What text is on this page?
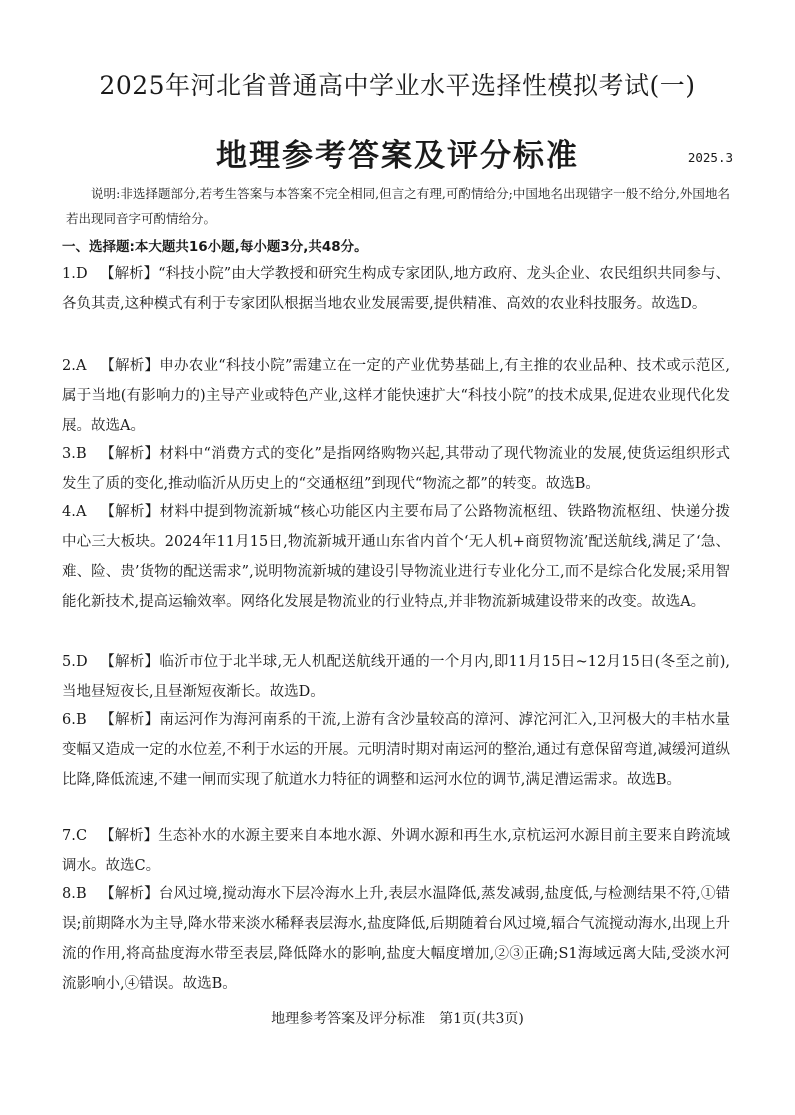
2025年河北省普通高中学业水平选择性模拟考试(一)
地理参考答案及评分标准	2025.3
说明:非选择题部分,若考生答案与本答案不完全相同,但言之有理,可酌情给分;中国地名出现错字一般不给分,外国地名若出现同音字可酌情给分。
一、选择题:本大题共16小题,每小题3分,共48分。
1.D 【解析】“科技小院”由大学教授和研究生构成专家团队,地方政府、龙头企业、农民组织共同参与、各负其责,这种模式有利于专家团队根据当地农业发展需要,提供精准、高效的农业科技服务。故选D。
2.A 【解析】申办农业“科技小院”需建立在一定的产业优势基础上,有主推的农业品种、技术或示范区,属于当地(有影响力的)主导产业或特色产业,这样才能快速扩大“科技小院”的技术成果,促进农业现代化发展。故选A。
3.B 【解析】材料中“消费方式的变化”是指网络购物兴起,其带动了现代物流业的发展,使货运组织形式发生了质的变化,推动临沂从历史上的“交通枢纽”到现代“物流之都”的转变。故选B。
4.A 【解析】材料中提到物流新城“核心功能区内主要布局了公路物流枢纽、铁路物流枢纽、快递分拨中心三大板块。2024年11月15日,物流新城开通山东省内首个‘无人机+商贸物流’配送航线,满足了‘急、难、险、贵’货物的配送需求”,说明物流新城的建设引导物流业进行专业化分工,而不是综合化发展;采用智能化新技术,提高运输效率。网络化发展是物流业的行业特点,并非物流新城建设带来的改变。故选A。
5.D 【解析】临沂市位于北半球,无人机配送航线开通的一个月内,即11月15日~12月15日(冬至之前),当地昼短夜长,且昼渐短夜渐长。故选D。
6.B 【解析】南运河作为海河南系的干流,上游有含沙量较高的漳河、滹沱河汇入,卫河极大的丰枯水量变幅又造成一定的水位差,不利于水运的开展。元明清时期对南运河的整治,通过有意保留弯道,减缓河道纵比降,降低流速,不建一闸而实现了航道水力特征的调整和运河水位的调节,满足漕运需求。故选B。
7.C 【解析】生态补水的水源主要来自本地水源、外调水源和再生水,京杭运河水源目前主要来自跨流域调水。故选C。
8.B 【解析】台风过境,搅动海水下层冷海水上升,表层水温降低,蒸发减弱,盐度低,与检测结果不符,①错误;前期降水为主导,降水带来淡水稀释表层海水,盐度降低,后期随着台风过境,辐合气流搅动海水,出现上升流的作用,将高盐度海水带至表层,降低降水的影响,盐度大幅度增加,②③正确;S1海域远离大陆,受淡水河流影响小,④错误。故选B。
地理参考答案及评分标准　第1页(共3页)
